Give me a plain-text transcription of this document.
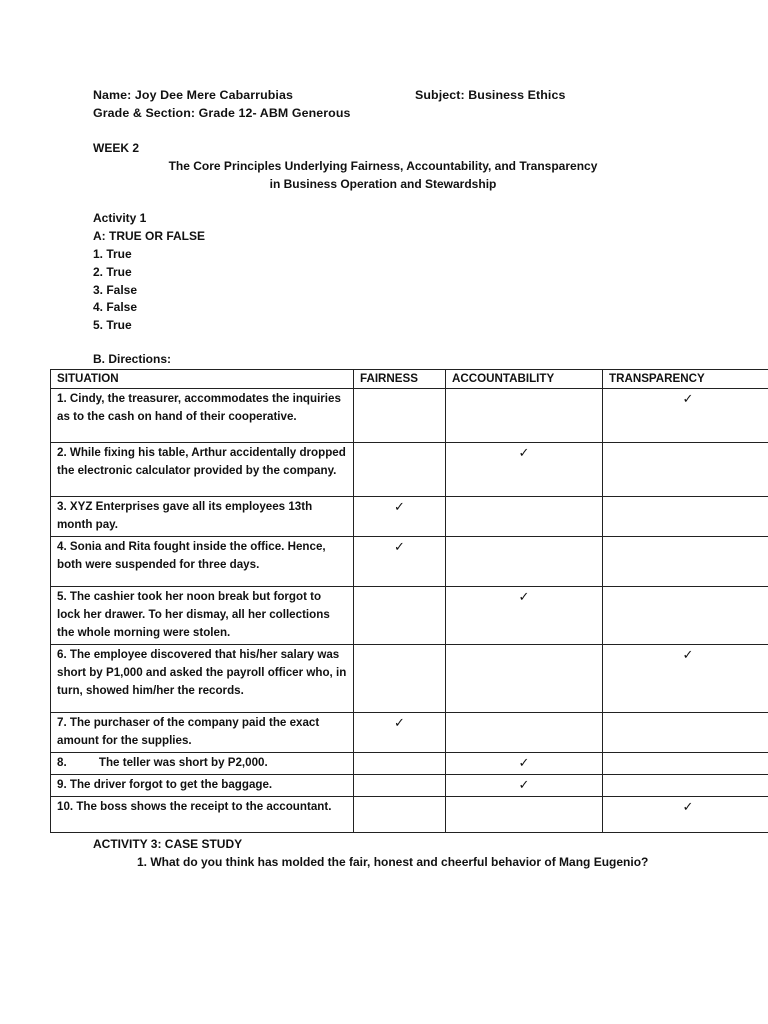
Name: Joy Dee Mere Cabarrubias	Subject: Business Ethics
Grade & Section: Grade 12- ABM Generous
WEEK 2
The Core Principles Underlying Fairness, Accountability, and Transparency
in Business Operation and Stewardship
Activity 1
A: TRUE OR FALSE
1. True
2. True
3. False
4. False
5. True
B. Directions:
SITUATION	FAIRNESS	ACCOUNTABILITY	TRANSPARENCY
1. Cindy, the treasurer, accommodates the inquiries as to the cash on hand of their cooperative.			✓
2. While fixing his table, Arthur accidentally dropped the electronic calculator provided by the company.		✓	
3. XYZ Enterprises gave all its employees 13th month pay.	✓		
4. Sonia and Rita fought inside the office. Hence, both were suspended for three days.	✓		
5. The cashier took her noon break but forgot to lock her drawer. To her dismay, all her collections the whole morning were stolen.		✓	
6. The employee discovered that his/her salary was short by P1,000 and asked the payroll officer who, in turn, showed him/her the records.			✓
7. The purchaser of the company paid the exact amount for the supplies.	✓		
8.          The teller was short by P2,000.		✓	
9. The driver forgot to get the baggage.		✓	
10. The boss shows the receipt to the accountant.			✓
ACTIVITY 3: CASE STUDY
1. What do you think has molded the fair, honest and cheerful behavior of Mang Eugenio?
